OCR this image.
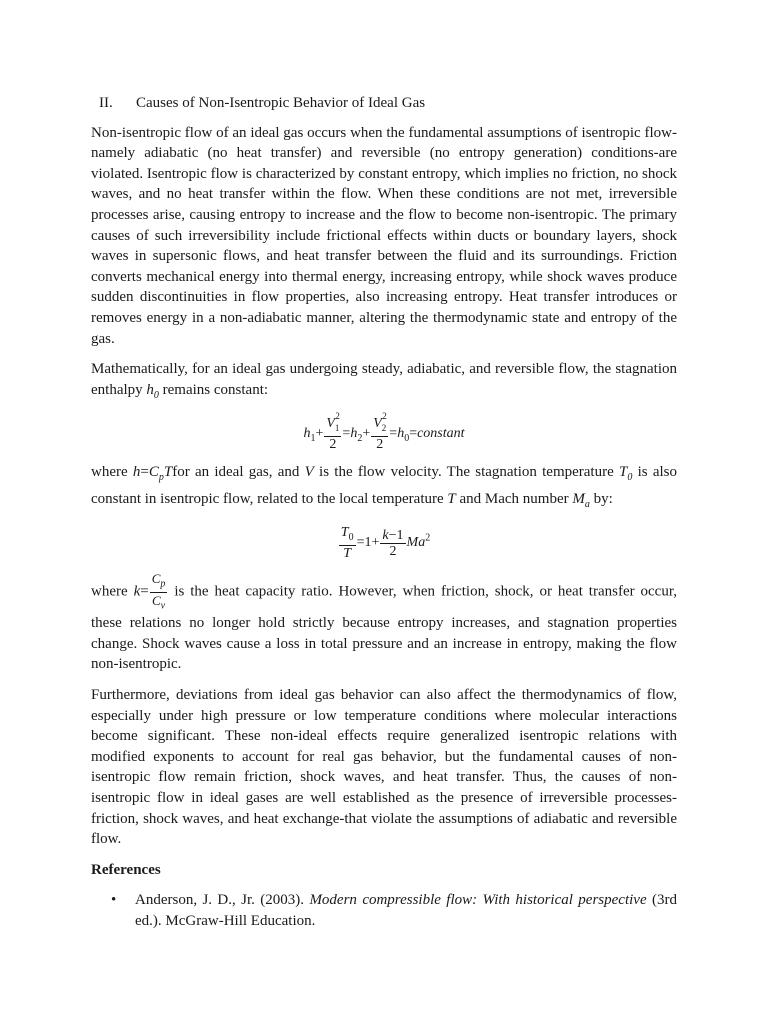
II.	Causes of Non-Isentropic Behavior of Ideal Gas

Non-isentropic flow of an ideal gas occurs when the fundamental assumptions of isentropic flow-namely adiabatic (no heat transfer) and reversible (no entropy generation) conditions-are violated. Isentropic flow is characterized by constant entropy, which implies no friction, no shock waves, and no heat transfer within the flow. When these conditions are not met, irreversible processes arise, causing entropy to increase and the flow to become non-isentropic. The primary causes of such irreversibility include frictional effects within ducts or boundary layers, shock waves in supersonic flows, and heat transfer between the fluid and its surroundings. Friction converts mechanical energy into thermal energy, increasing entropy, while shock waves produce sudden discontinuities in flow properties, also increasing entropy. Heat transfer introduces or removes energy in a non-adiabatic manner, altering the thermodynamic state and entropy of the gas.

Mathematically, for an ideal gas undergoing steady, adiabatic, and reversible flow, the stagnation enthalpy $h_0$ remains constant:

$h_1+ V$ 2
$_1$
$2 =h_2+ V$ 2
$_2$
$2 =h_0=constant$

where $h=C_pTfor$ an ideal gas, and V is the flow velocity. The stagnation temperature $T_0$ is also constant in isentropic flow, related to the local temperature T and Mach number $M_a$ by:

$\frac{T_0}{T} =1+ \frac{k-1}{2} Ma^2$

where $k= \frac{C_p}{C_v}$ is the heat capacity ratio. However, when friction, shock, or heat transfer occur, these relations no longer hold strictly because entropy increases, and stagnation properties change. Shock waves cause a loss in total pressure and an increase in entropy, making the flow non-isentropic.

Furthermore, deviations from ideal gas behavior can also affect the thermodynamics of flow, especially under high pressure or low temperature conditions where molecular interactions become significant. These non-ideal effects require generalized isentropic relations with modified exponents to account for real gas behavior, but the fundamental causes of non-isentropic flow remain friction, shock waves, and heat transfer. Thus, the causes of non-isentropic flow in ideal gases are well established as the presence of irreversible processes-friction, shock waves, and heat exchange-that violate the assumptions of adiabatic and reversible flow.

References
•	Anderson, J. D., Jr. (2003). Modern compressible flow: With historical perspective (3rd ed.). McGraw-Hill Education.
